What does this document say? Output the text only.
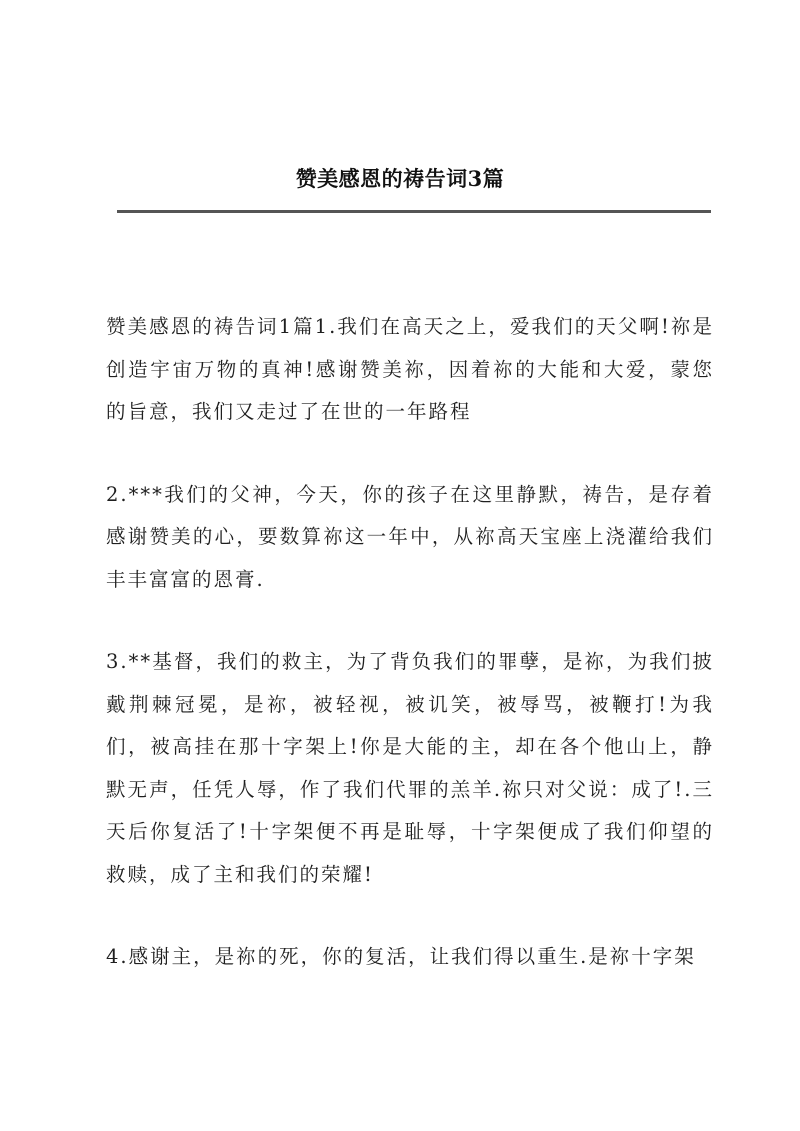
赞美感恩的祷告词3篇

赞美感恩的祷告词1篇1.我们在高天之上，爱我们的天父啊!祢是创造宇宙万物的真神!感谢赞美祢，因着祢的大能和大爱，蒙您的旨意，我们又走过了在世的一年路程

2.***我们的父神，今天，你的孩子在这里静默，祷告，是存着感谢赞美的心，要数算祢这一年中，从祢高天宝座上浇灌给我们丰丰富富的恩膏.

3.**基督，我们的救主，为了背负我们的罪孽，是祢，为我们披戴荆棘冠冕，是祢，被轻视，被讥笑，被辱骂，被鞭打!为我们，被高挂在那十字架上!你是大能的主，却在各个他山上，静默无声，任凭人辱，作了我们代罪的羔羊.祢只对父说：成了!.三天后你复活了!十字架便不再是耻辱，十字架便成了我们仰望的救赎，成了主和我们的荣耀!

4.感谢主，是祢的死，你的复活，让我们得以重生.是祢十字架
